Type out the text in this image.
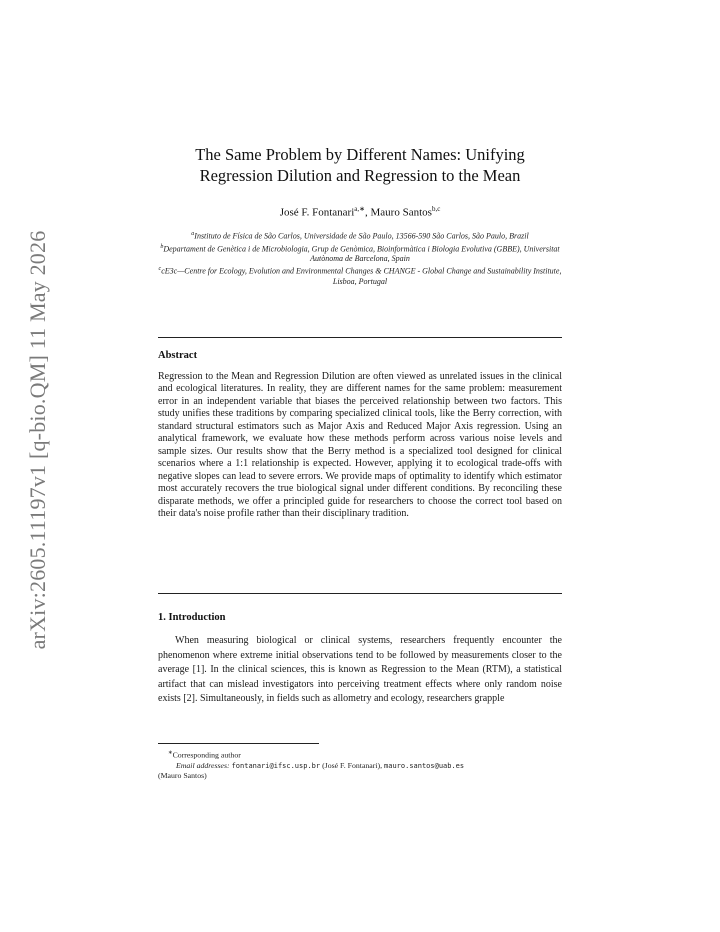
arXiv:2605.11197v1 [q-bio.QM] 11 May 2026
The Same Problem by Different Names: Unifying
Regression Dilution and Regression to the Mean
José F. Fontanari$^{a,∗}$, Mauro Santos$^{b,c}$

$^a$Instituto de Física de São Carlos, Universidade de São Paulo, 13566-590 São Carlos, São Paulo, Brazil

$^b$Departament de Genètica i de Microbiologia, Grup de Genòmica, Bioinformàtica i Biologia Evolutiva (GBBE), Universitat Autònoma de Barcelona, Spain

$^c$cE3c—Centre for Ecology, Evolution and Environmental Changes & CHANGE - Global Change and Sustainability Institute, Lisboa, Portugal

Abstract
Regression to the Mean and Regression Dilution are often viewed as unrelated issues in the clinical and ecological literatures. In reality, they are different names for the same problem: measurement error in an independent variable that biases the perceived relationship between two factors. This study unifies these traditions by comparing specialized clinical tools, like the Berry correction, with standard structural estimators such as Major Axis and Reduced Major Axis regression. Using an analytical framework, we evaluate how these methods perform across various noise levels and sample sizes. Our results show that the Berry method is a specialized tool designed for clinical scenarios where a 1:1 relationship is expected. However, applying it to ecological trade-offs with negative slopes can lead to severe errors. We provide maps of optimality to identify which estimator most accurately recovers the true biological signal under different conditions. By reconciling these disparate methods, we offer a principled guide for researchers to choose the correct tool based on their data's noise profile rather than their disciplinary tradition.
1. Introduction
When measuring biological or clinical systems, researchers frequently encounter the phenomenon where extreme initial observations tend to be followed by measurements closer to the average [1]. In the clinical sciences, this is known as Regression to the Mean (RTM), a statistical artifact that can mislead investigators into perceiving treatment effects where only random noise exists [2]. Simultaneously, in fields such as allometry and ecology, researchers grapple

∗Corresponding author

Email addresses: fontanari@ifsc.usp.br (José F. Fontanari), mauro.santos@uab.es

(Mauro Santos)
